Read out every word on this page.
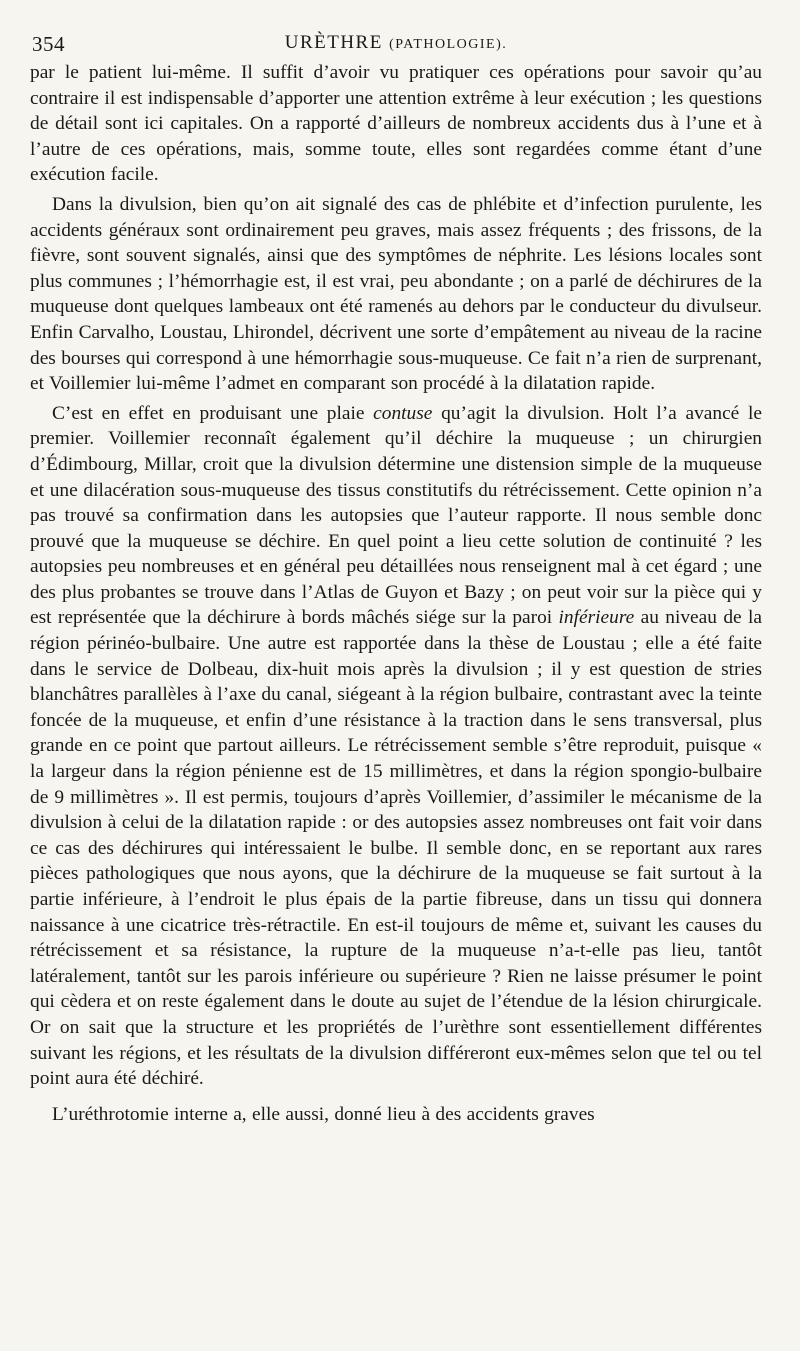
354	URÈTHRE (PATHOLOGIE).

par le patient lui-même. Il suffit d’avoir vu pratiquer ces opérations pour savoir qu’au contraire il est indispensable d’apporter une attention extrême à leur exécution ; les questions de détail sont ici capitales. On a rapporté d’ailleurs de nombreux accidents dus à l’une et à l’autre de ces opérations, mais, somme toute, elles sont regardées comme étant d’une exécution facile.

Dans la divulsion, bien qu’on ait signalé des cas de phlébite et d’infection purulente, les accidents généraux sont ordinairement peu graves, mais assez fréquents ; des frissons, de la fièvre, sont souvent signalés, ainsi que des symptômes de néphrite. Les lésions locales sont plus communes ; l’hémorrhagie est, il est vrai, peu abondante ; on a parlé de déchirures de la muqueuse dont quelques lambeaux ont été ramenés au dehors par le conducteur du divulseur. Enfin Carvalho, Loustau, Lhirondel, décrivent une sorte d’empâtement au niveau de la racine des bourses qui correspond à une hémorrhagie sous-muqueuse. Ce fait n’a rien de surprenant, et Voillemier lui-même l’admet en comparant son procédé à la dilatation rapide.

C’est en effet en produisant une plaie contuse qu’agit la divulsion. Holt l’a avancé le premier. Voillemier reconnaît également qu’il déchire la muqueuse ; un chirurgien d’Édimbourg, Millar, croit que la divulsion détermine une distension simple de la muqueuse et une dilacération sous-muqueuse des tissus constitutifs du rétrécissement. Cette opinion n’a pas trouvé sa confirmation dans les autopsies que l’auteur rapporte. Il nous semble donc prouvé que la muqueuse se déchire. En quel point a lieu cette solution de continuité ? les autopsies peu nombreuses et en général peu détaillées nous renseignent mal à cet égard ; une des plus probantes se trouve dans l’Atlas de Guyon et Bazy ; on peut voir sur la pièce qui y est représentée que la déchirure à bords mâchés siége sur la paroi inférieure au niveau de la région périnéo-bulbaire. Une autre est rapportée dans la thèse de Loustau ; elle a été faite dans le service de Dolbeau, dix-huit mois après la divulsion ; il y est question de stries blanchâtres parallèles à l’axe du canal, siégeant à la région bulbaire, contrastant avec la teinte foncée de la muqueuse, et enfin d’une résistance à la traction dans le sens transversal, plus grande en ce point que partout ailleurs. Le rétrécissement semble s’être reproduit, puisque « la largeur dans la région pénienne est de 15 millimètres, et dans la région spongio-bulbaire de 9 millimètres ». Il est permis, toujours d’après Voillemier, d’assimiler le mécanisme de la divulsion à celui de la dilatation rapide : or des autopsies assez nombreuses ont fait voir dans ce cas des déchirures qui intéressaient le bulbe. Il semble donc, en se reportant aux rares pièces pathologiques que nous ayons, que la déchirure de la muqueuse se fait surtout à la partie inférieure, à l’endroit le plus épais de la partie fibreuse, dans un tissu qui donnera naissance à une cicatrice très-rétractile. En est-il toujours de même et, suivant les causes du rétrécissement et sa résistance, la rupture de la muqueuse n’a-t-elle pas lieu, tantôt latéralement, tantôt sur les parois inférieure ou supérieure ? Rien ne laisse présumer le point qui cèdera et on reste également dans le doute au sujet de l’étendue de la lésion chirurgicale. Or on sait que la structure et les propriétés de l’urèthre sont essentiellement différentes suivant les régions, et les résultats de la divulsion différeront eux-mêmes selon que tel ou tel point aura été déchiré.

L’uréthrotomie interne a, elle aussi, donné lieu à des accidents graves
